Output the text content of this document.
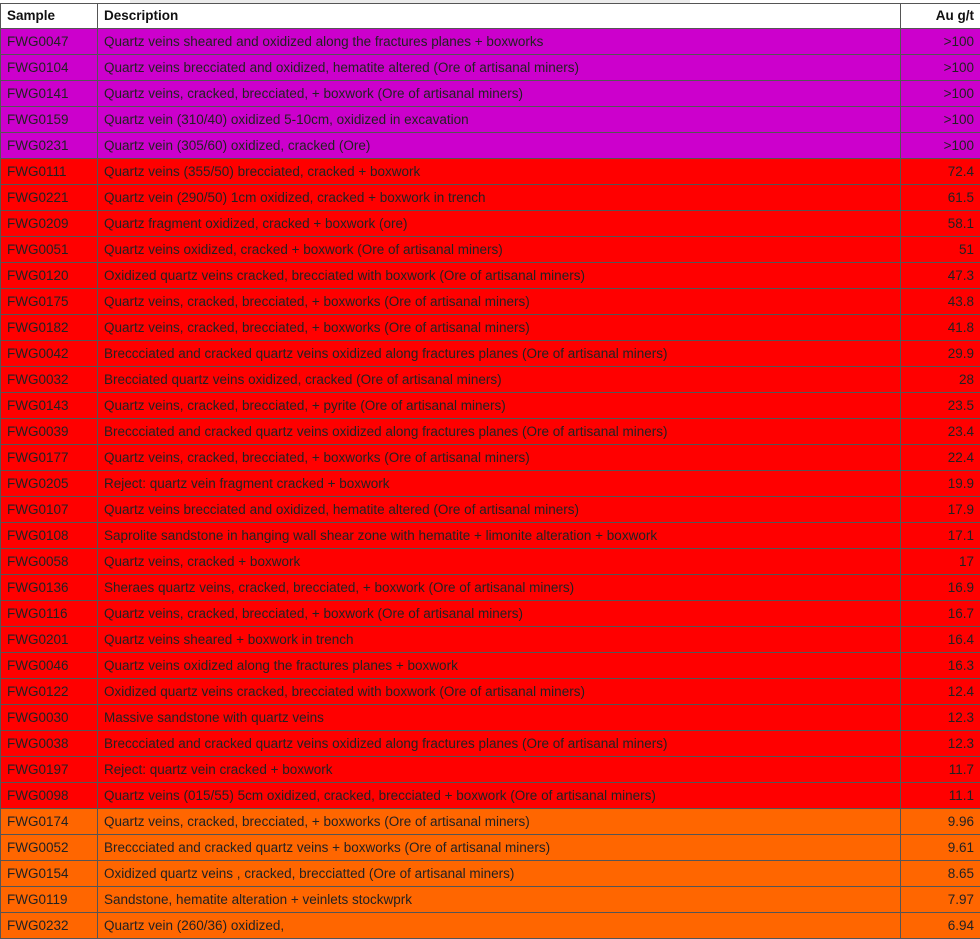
Sample	Description	Au g/t
FWG0047	Quartz veins sheared and oxidized along the fractures planes + boxworks	>100
FWG0104	Quartz veins brecciated and oxidized, hematite altered (Ore of artisanal miners)	>100
FWG0141	Quartz veins, cracked, brecciated, + boxwork (Ore of artisanal miners)	>100
FWG0159	Quartz vein (310/40) oxidized 5-10cm, oxidized in excavation	>100
FWG0231	Quartz vein (305/60) oxidized, cracked (Ore)	>100
FWG0111	Quartz veins (355/50) brecciated, cracked + boxwork	72.4
FWG0221	Quartz vein (290/50) 1cm oxidized, cracked + boxwork in trench	61.5
FWG0209	Quartz fragment oxidized, cracked + boxwork (ore)	58.1
FWG0051	Quartz veins oxidized, cracked + boxwork (Ore of artisanal miners)	51
FWG0120	Oxidized quartz veins cracked, brecciated with boxwork (Ore of artisanal miners)	47.3
FWG0175	Quartz veins, cracked, brecciated, + boxworks (Ore of artisanal miners)	43.8
FWG0182	Quartz veins, cracked, brecciated, + boxworks (Ore of artisanal miners)	41.8
FWG0042	Breccciated and cracked quartz veins oxidized along fractures planes (Ore of artisanal miners)	29.9
FWG0032	Brecciated quartz veins oxidized, cracked (Ore of artisanal miners)	28
FWG0143	Quartz veins, cracked, brecciated, + pyrite (Ore of artisanal miners)	23.5
FWG0039	Breccciated and cracked quartz veins oxidized along fractures planes (Ore of artisanal miners)	23.4
FWG0177	Quartz veins, cracked, brecciated, + boxworks (Ore of artisanal miners)	22.4
FWG0205	Reject: quartz vein fragment cracked + boxwork	19.9
FWG0107	Quartz veins brecciated and oxidized, hematite altered (Ore of artisanal miners)	17.9
FWG0108	Saprolite sandstone in hanging wall shear zone with hematite + limonite alteration + boxwork	17.1
FWG0058	Quartz veins, cracked + boxwork	17
FWG0136	Sheraes quartz veins, cracked, brecciated, + boxwork (Ore of artisanal miners)	16.9
FWG0116	Quartz veins, cracked, brecciated, + boxwork (Ore of artisanal miners)	16.7
FWG0201	Quartz veins sheared + boxwork in trench	16.4
FWG0046	Quartz veins oxidized along the fractures planes + boxwork	16.3
FWG0122	Oxidized quartz veins cracked, brecciated with boxwork (Ore of artisanal miners)	12.4
FWG0030	Massive sandstone with quartz veins	12.3
FWG0038	Breccciated and cracked quartz veins oxidized along fractures planes (Ore of artisanal miners)	12.3
FWG0197	Reject: quartz vein cracked + boxwork	11.7
FWG0098	Quartz veins (015/55) 5cm oxidized, cracked, brecciated + boxwork (Ore of artisanal miners)	11.1
FWG0174	Quartz veins, cracked, brecciated, + boxworks (Ore of artisanal miners)	9.96
FWG0052	Breccciated and cracked quartz veins + boxworks (Ore of artisanal miners)	9.61
FWG0154	Oxidized quartz veins , cracked, brecciatted (Ore of artisanal miners)	8.65
FWG0119	Sandstone, hematite alteration + veinlets stockwprk	7.97
FWG0232	Quartz vein (260/36) oxidized,	6.94
